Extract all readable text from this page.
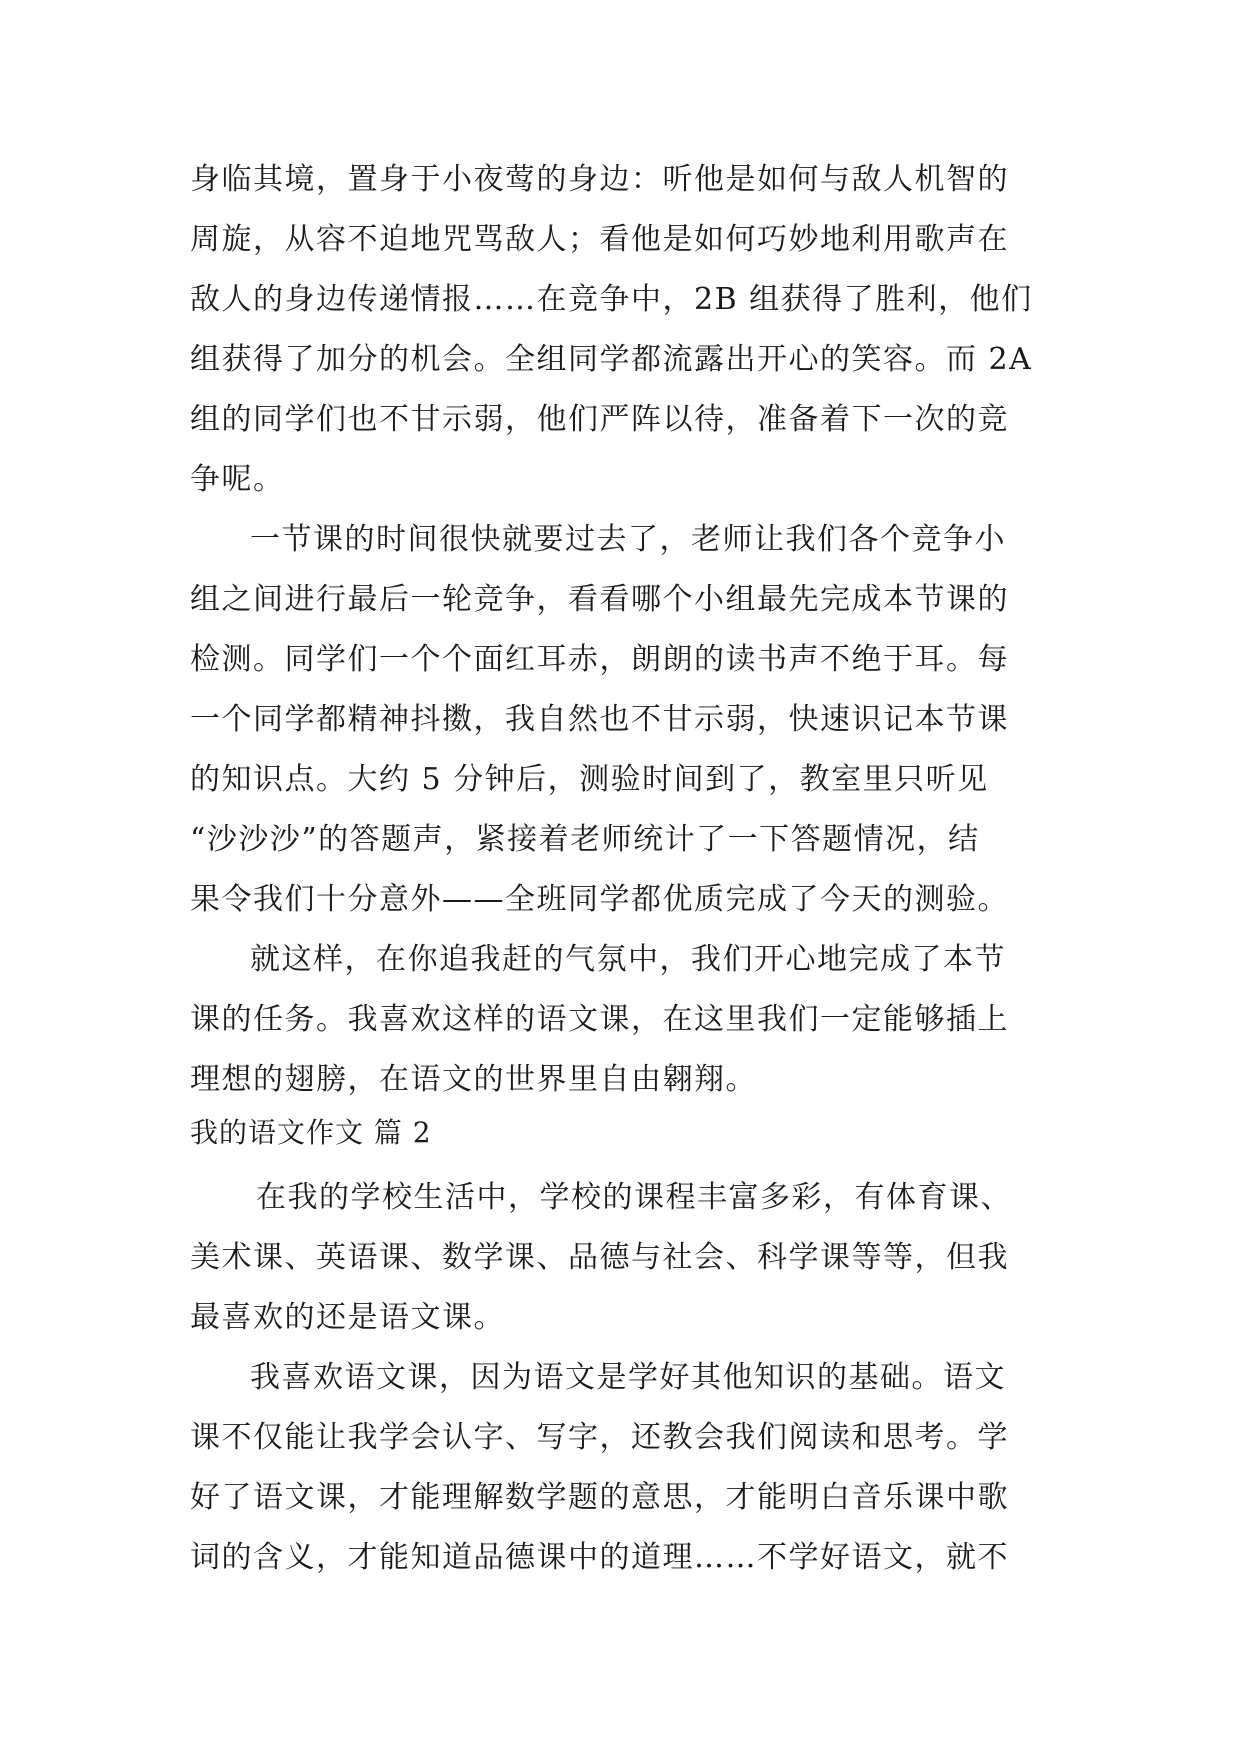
身临其境，置身于小夜莺的身边：听他是如何与敌人机智的
周旋，从容不迫地咒骂敌人；看他是如何巧妙地利用歌声在
敌人的身边传递情报……在竞争中，2B 组获得了胜利，他们
组获得了加分的机会。全组同学都流露出开心的笑容。而 2A
组的同学们也不甘示弱，他们严阵以待，准备着下一次的竞
争呢。
一节课的时间很快就要过去了，老师让我们各个竞争小
组之间进行最后一轮竞争，看看哪个小组最先完成本节课的
检测。同学们一个个面红耳赤，朗朗的读书声不绝于耳。每
一个同学都精神抖擞，我自然也不甘示弱，快速识记本节课
的知识点。大约 5 分钟后，测验时间到了，教室里只听见
“沙沙沙”的答题声，紧接着老师统计了一下答题情况，结
果令我们十分意外——全班同学都优质完成了今天的测验。
就这样，在你追我赶的气氛中，我们开心地完成了本节
课的任务。我喜欢这样的语文课，在这里我们一定能够插上
理想的翅膀，在语文的世界里自由翱翔。
我的语文作文 篇 2
在我的学校生活中，学校的课程丰富多彩，有体育课、
美术课、英语课、数学课、品德与社会、科学课等等，但我
最喜欢的还是语文课。
我喜欢语文课，因为语文是学好其他知识的基础。语文
课不仅能让我学会认字、写字，还教会我们阅读和思考。学
好了语文课，才能理解数学题的意思，才能明白音乐课中歌
词的含义，才能知道品德课中的道理……不学好语文，就不
